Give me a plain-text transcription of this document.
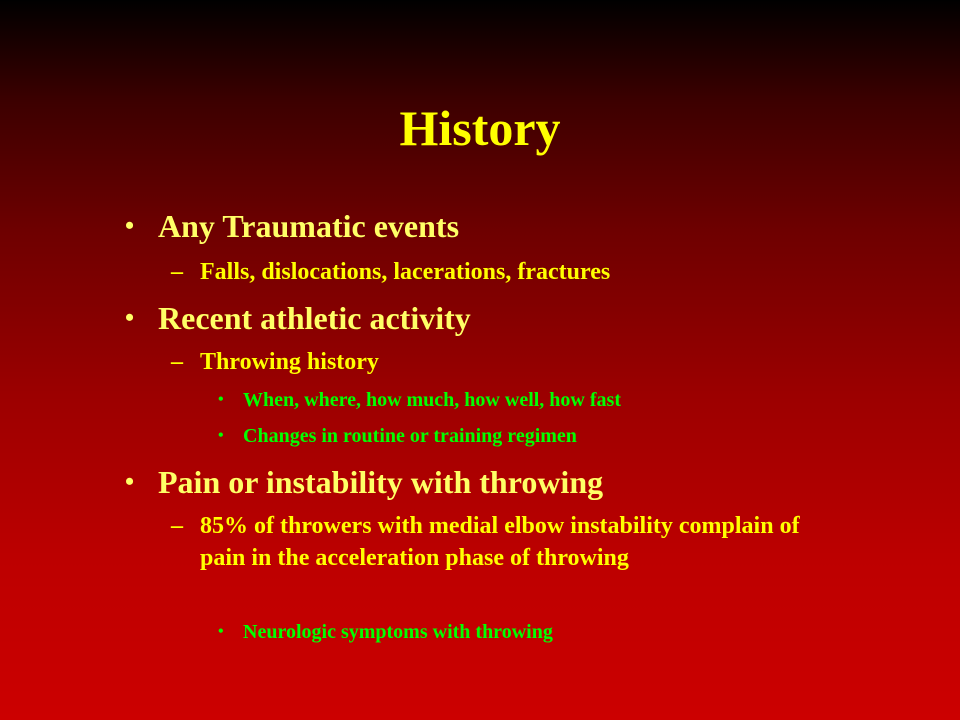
History
• Any Traumatic events
– Falls, dislocations, lacerations, fractures
• Recent athletic activity
– Throwing history
• When, where, how much, how well, how fast
• Changes in routine or training regimen
• Pain or instability with throwing
– 85% of throwers with medial elbow instability complain of pain in the acceleration phase of throwing
• Neurologic symptoms with throwing
